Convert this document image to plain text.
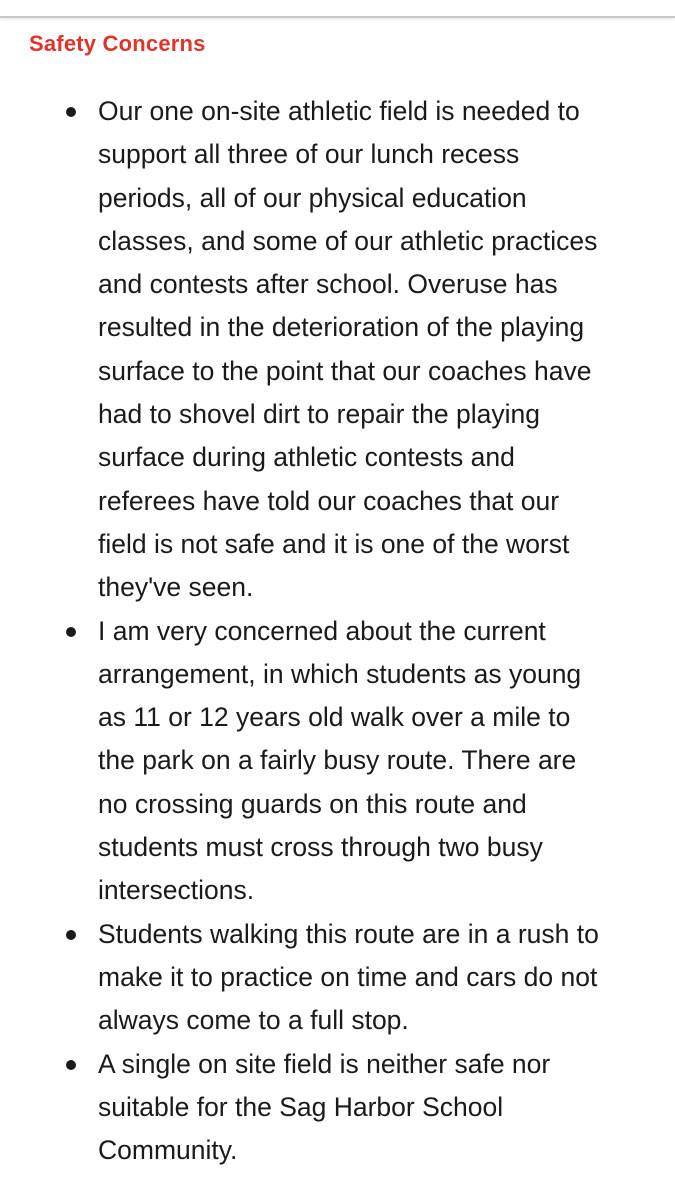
Safety Concerns
Our one on-site athletic field is needed to
support all three of our lunch recess
periods, all of our physical education
classes, and some of our athletic practices
and contests after school. Overuse has
resulted in the deterioration of the playing
surface to the point that our coaches have
had to shovel dirt to repair the playing
surface during athletic contests and
referees have told our coaches that our
field is not safe and it is one of the worst
they've seen.
I am very concerned about the current
arrangement, in which students as young
as 11 or 12 years old walk over a mile to
the park on a fairly busy route. There are
no crossing guards on this route and
students must cross through two busy
intersections.
Students walking this route are in a rush to
make it to practice on time and cars do not
always come to a full stop.
A single on site field is neither safe nor
suitable for the Sag Harbor School
Community.
